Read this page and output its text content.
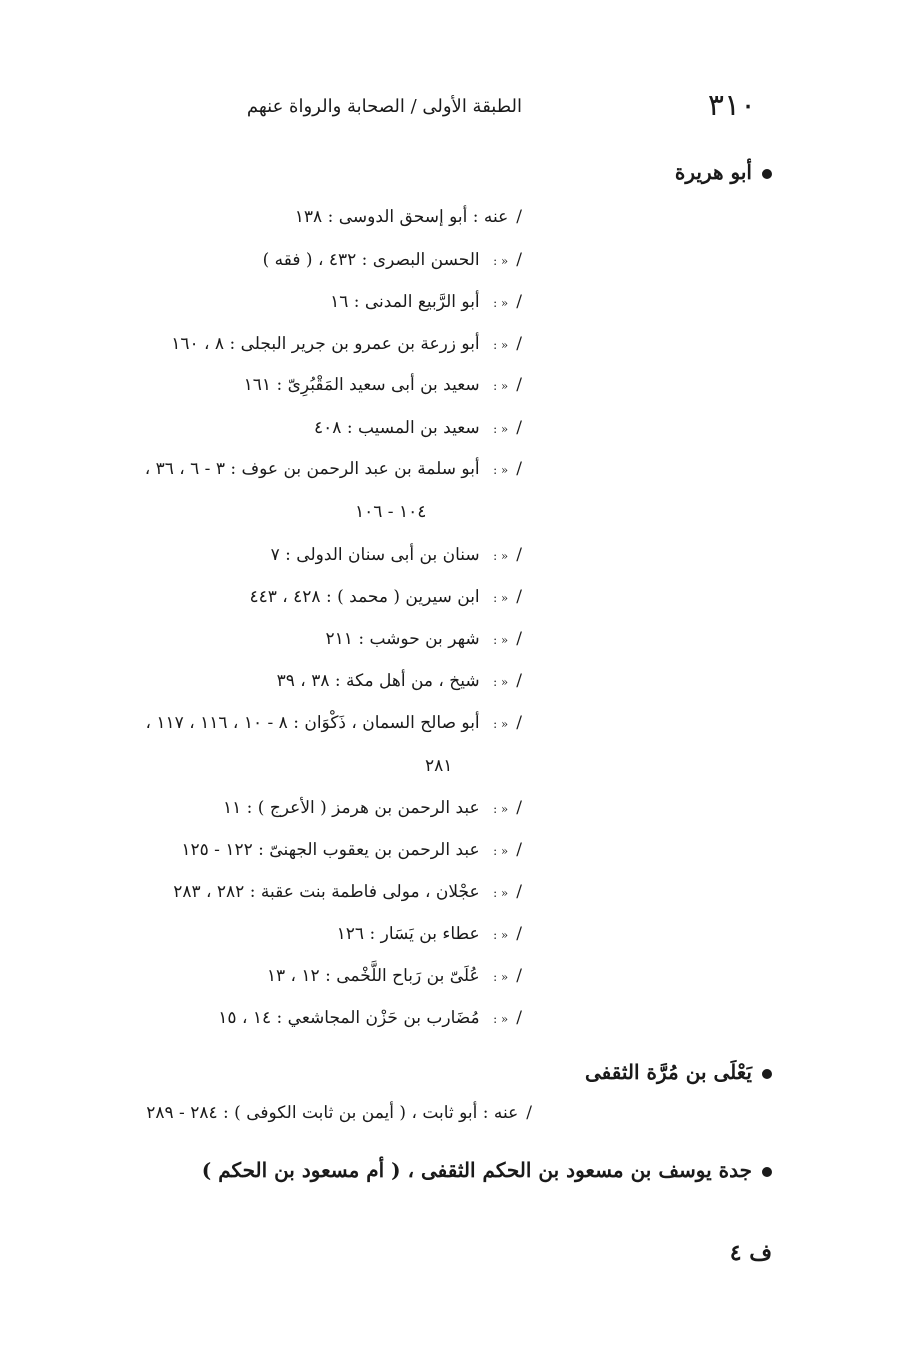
٣١٠
الطبقة الأولى / الصحابة والرواة عنهم
أبو هريرة
/عنه : أبو إسحق الدوسى : ١٣٨
/« : الحسن البصرى : ٤٣٢ ، ( فقه )
/« : أبو الرَّبيع المدنى : ١٦
/« : أبو زرعة بن عمرو بن جرير البجلى : ٨ ، ١٦٠
/« : سعيد بن أبى سعيد المَقْبُرِىّ : ١٦١
/« : سعيد بن المسيب : ٤٠٨
/« : أبو سلمة بن عبد الرحمن بن عوف : ٣ - ٦ ، ٣٦ ،
١٠٤ - ١٠٦
/« : سنان بن أبى سنان الدولى : ٧
/« : ابن سيرين ( محمد ) : ٤٢٨ ، ٤٤٣
/« : شهر بن حوشب : ٢١١
/« : شيخ ، من أهل مكة : ٣٨ ، ٣٩
/« : أبو صالح السمان ، ذَكْوَان : ٨ - ١٠ ، ١١٦ ، ١١٧ ،
٢٨١
/« : عبد الرحمن بن هرمز ( الأعرج ) : ١١
/« : عبد الرحمن بن يعقوب الجهنىّ : ١٢٢ - ١٢٥
/« : عجْلان ، مولى فاطمة بنت عقبة : ٢٨٢ ، ٢٨٣
/« : عطاء بن يَسَار : ١٢٦
/« : عُلَىّ بن رَباح اللَّخْمى : ١٢ ، ١٣
/« : مُضَارب بن حَزْن المجاشعي : ١٤ ، ١٥
يَعْلَى بن مُرَّة الثقفى
/عنه : أبو ثابت ، ( أيمن بن ثابت الكوفى ) : ٢٨٤ - ٢٨٩
جدة يوسف بن مسعود بن الحكم الثقفى ، ( أم مسعود بن الحكم )
ف ٤
